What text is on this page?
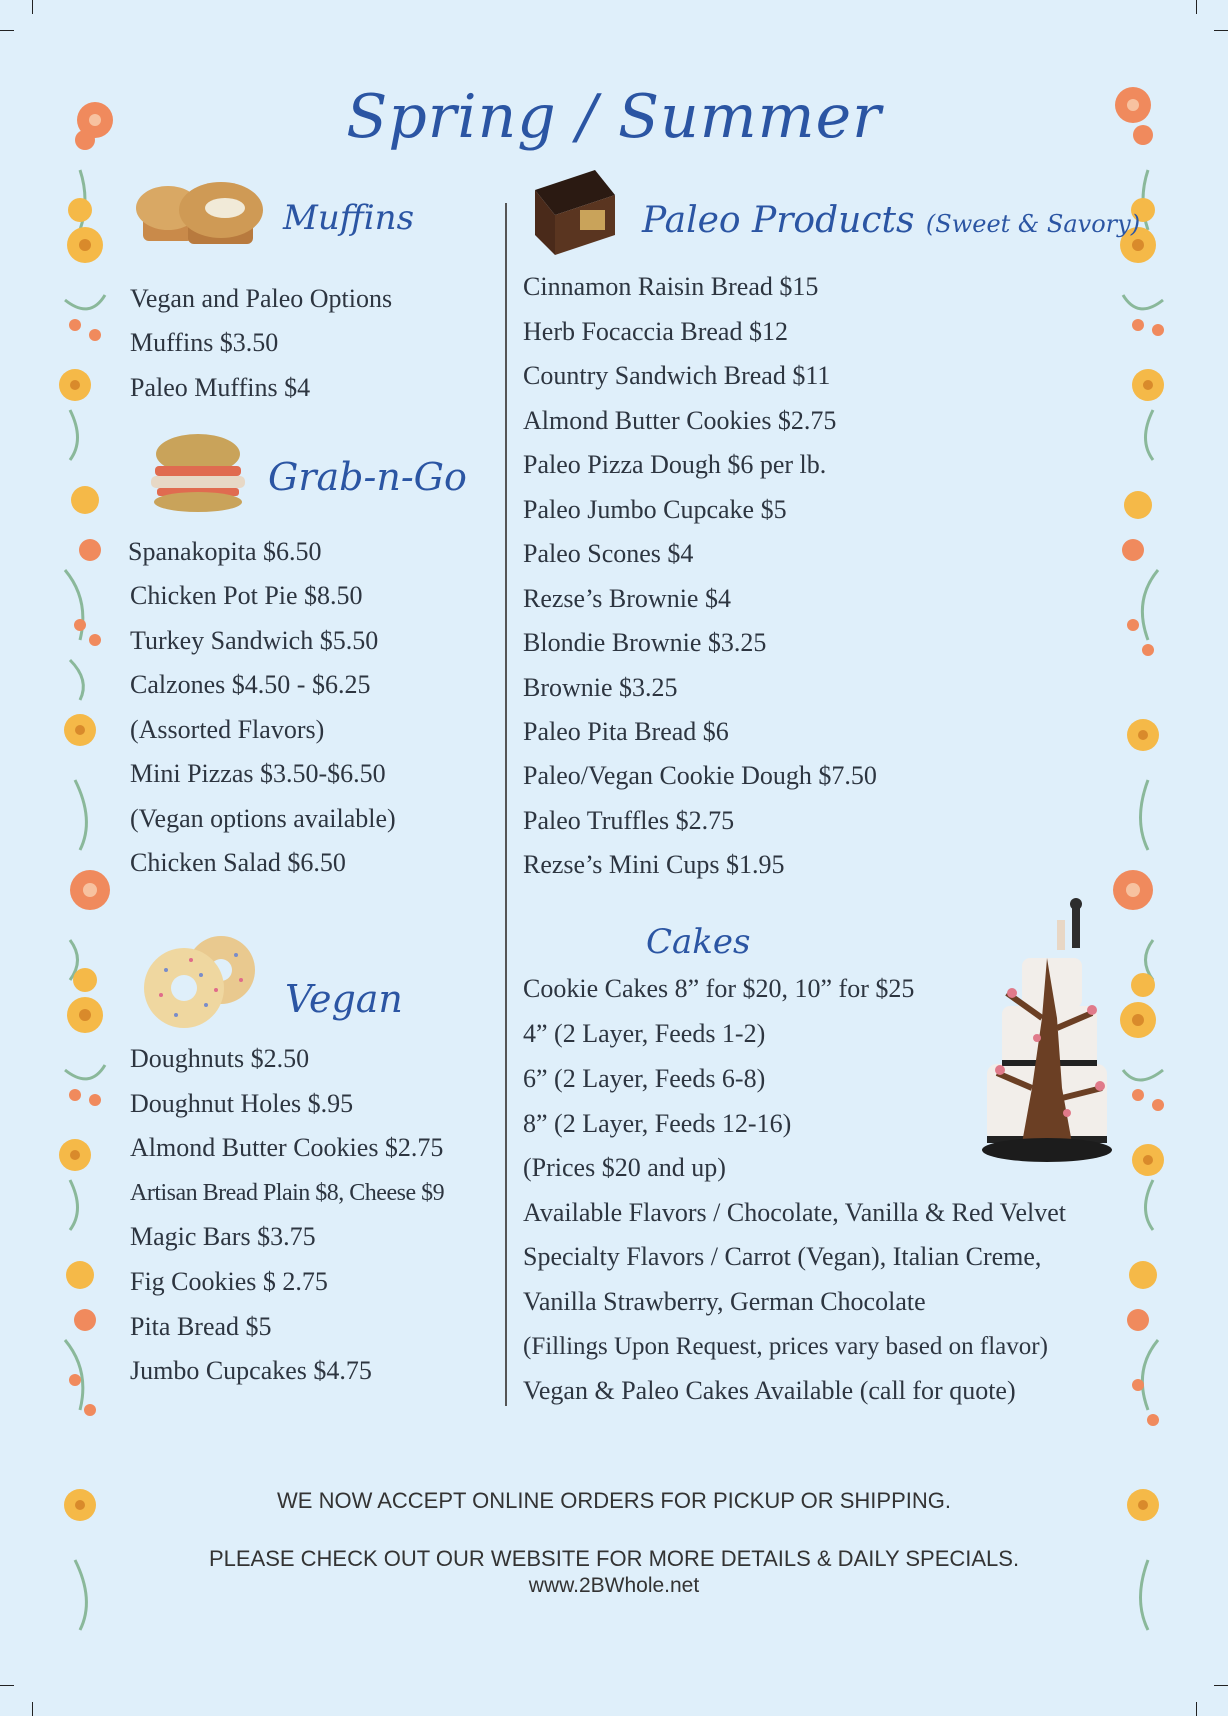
Spring / Summer
Muffins
Vegan and Paleo Options
Muffins $3.50
Paleo Muffins $4
Grab-n-Go
Spanakopita $6.50
Chicken Pot Pie $8.50
Turkey Sandwich $5.50
Calzones $4.50 - $6.25
(Assorted Flavors)
Mini Pizzas $3.50-$6.50
(Vegan options available)
Chicken Salad $6.50
Vegan
Doughnuts $2.50
Doughnut Holes $.95
Almond Butter Cookies $2.75
Artisan Bread Plain $8, Cheese $9
Magic Bars $3.75
Fig Cookies $ 2.75
Pita Bread $5
Jumbo Cupcakes $4.75
Paleo Products (Sweet & Savory)
Cinnamon Raisin Bread $15
Herb Focaccia Bread $12
Country Sandwich Bread $11
Almond Butter Cookies $2.75
Paleo Pizza Dough $6 per lb.
Paleo Jumbo Cupcake $5
Paleo Scones $4
Rezse’s Brownie $4
Blondie Brownie $3.25
Brownie $3.25
Paleo Pita Bread $6
Paleo/Vegan Cookie Dough $7.50
Paleo Truffles $2.75
Rezse’s Mini Cups $1.95
Cakes
Cookie Cakes 8” for $20, 10” for $25
4” (2 Layer, Feeds 1-2)
6” (2 Layer, Feeds 6-8)
8” (2 Layer, Feeds 12-16)
(Prices $20 and up)
Available Flavors / Chocolate, Vanilla & Red Velvet
Specialty Flavors / Carrot (Vegan), Italian Creme,
Vanilla Strawberry, German Chocolate
(Fillings Upon Request, prices vary based on flavor)
Vegan & Paleo Cakes Available (call for quote)
WE NOW ACCEPT ONLINE ORDERS FOR PICKUP OR SHIPPING.
PLEASE CHECK OUT OUR WEBSITE FOR MORE DETAILS & DAILY SPECIALS.
www.2BWhole.net
